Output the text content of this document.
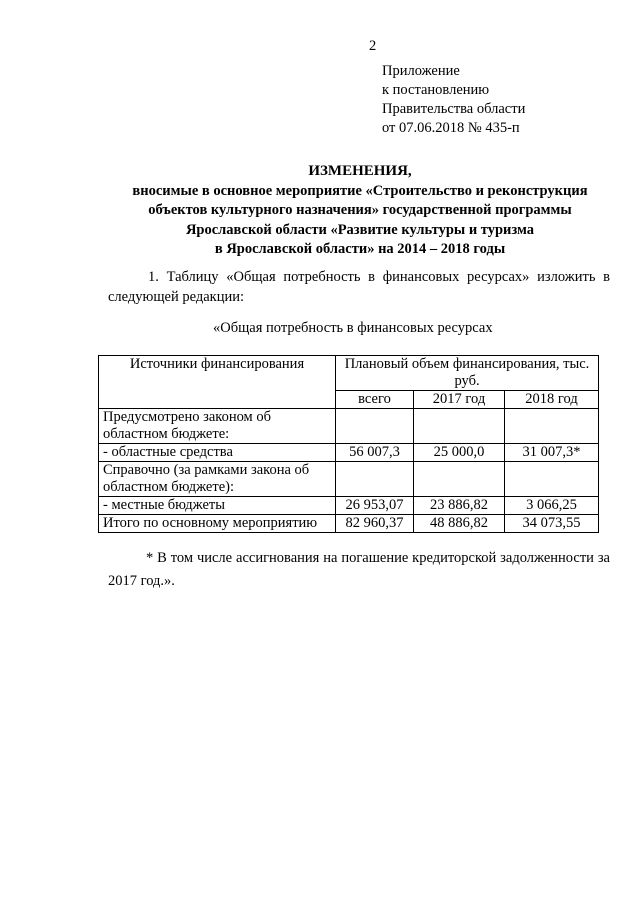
2
Приложение
к постановлению
Правительства области
от 07.06.2018 № 435-п
ИЗМЕНЕНИЯ,
вносимые в основное мероприятие «Строительство и реконструкция
объектов культурного назначения» государственной программы
Ярославской области «Развитие культуры и туризма
в Ярославской области» на 2014 – 2018 годы
1. Таблицу «Общая потребность в финансовых ресурсах» изложить в следующей редакции:
«Общая потребность в финансовых ресурсах
Источники финансирования	Плановый объем финансирования, тыс. руб.		
	всего	2017 год	2018 год
Предусмотрено законом об областном бюджете:			
- областные средства	56 007,3	25 000,0	31 007,3*
Справочно (за рамками закона об областном бюджете):			
- местные бюджеты	26 953,07	23 886,82	3 066,25
Итого по основному мероприятию	82 960,37	48 886,82	34 073,55
* В том числе ассигнования на погашение кредиторской задолженности за 2017 год.».
